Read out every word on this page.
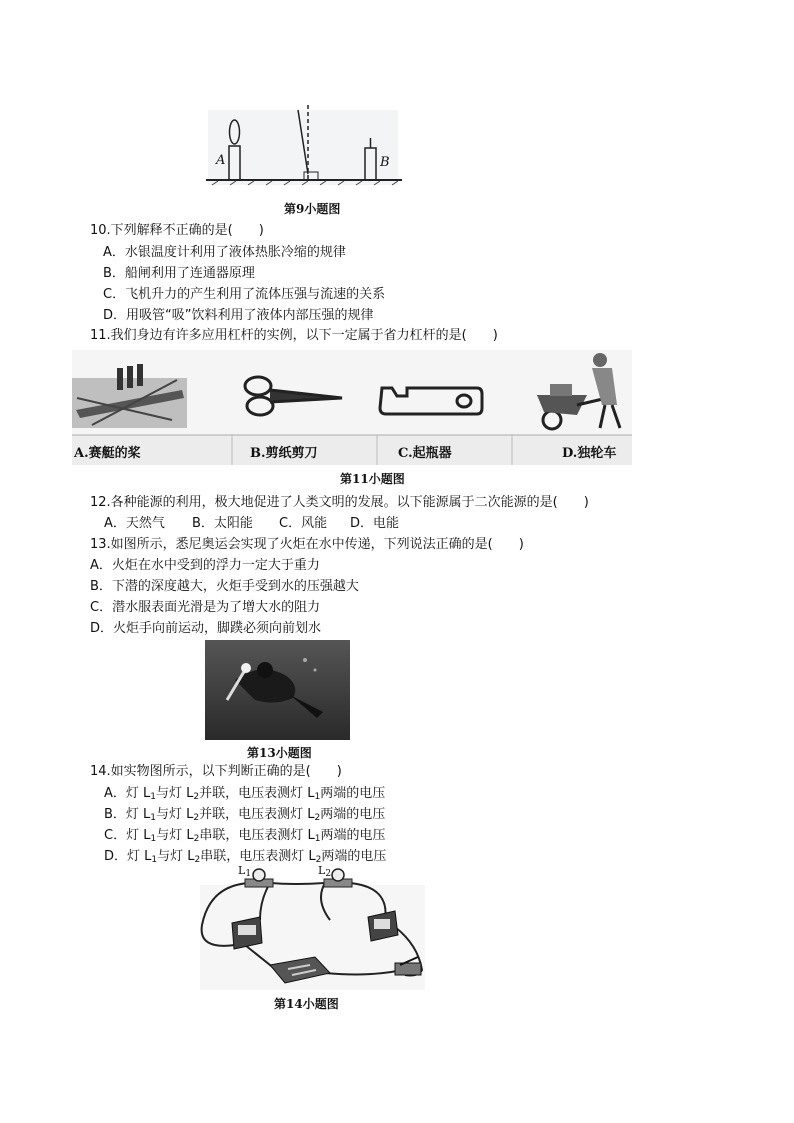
A	B
第9小题图
10.下列解释不正确的是(　　)
A．水银温度计利用了液体热胀冷缩的规律
B．船闸利用了连通器原理
C．飞机升力的产生利用了流体压强与流速的关系
D．用吸管“吸”饮料利用了液体内部压强的规律
11.我们身边有许多应用杠杆的实例，以下一定属于省力杠杆的是(　　)
A.赛艇的桨	B.剪纸剪刀	C.起瓶器	D.独轮车
第11小题图
12.各种能源的利用，极大地促进了人类文明的发展。以下能源属于二次能源的是(　　)
A．天然气 B．太阳能 C．风能 D．电能
13.如图所示，悉尼奥运会实现了火炬在水中传递，下列说法正确的是(　　)
A．火炬在水中受到的浮力一定大于重力
B．下潜的深度越大，火炬手受到水的压强越大
C．潜水服表面光滑是为了增大水的阻力
D．火炬手向前运动，脚蹼必须向前划水
第13小题图
14.如实物图所示，以下判断正确的是(　　)
A．灯 $L_1$与灯 $L_2$并联，电压表测灯 $L_1$两端的电压
B．灯 $L_1$与灯 $L_2$并联，电压表测灯 $L_2$两端的电压
C．灯 $L_1$与灯 $L_2$串联，电压表测灯 $L_1$两端的电压
D．灯 $L_1$与灯 $L_2$串联，电压表测灯 $L_2$两端的电压
$L_1$	$L_2$
第14小题图
